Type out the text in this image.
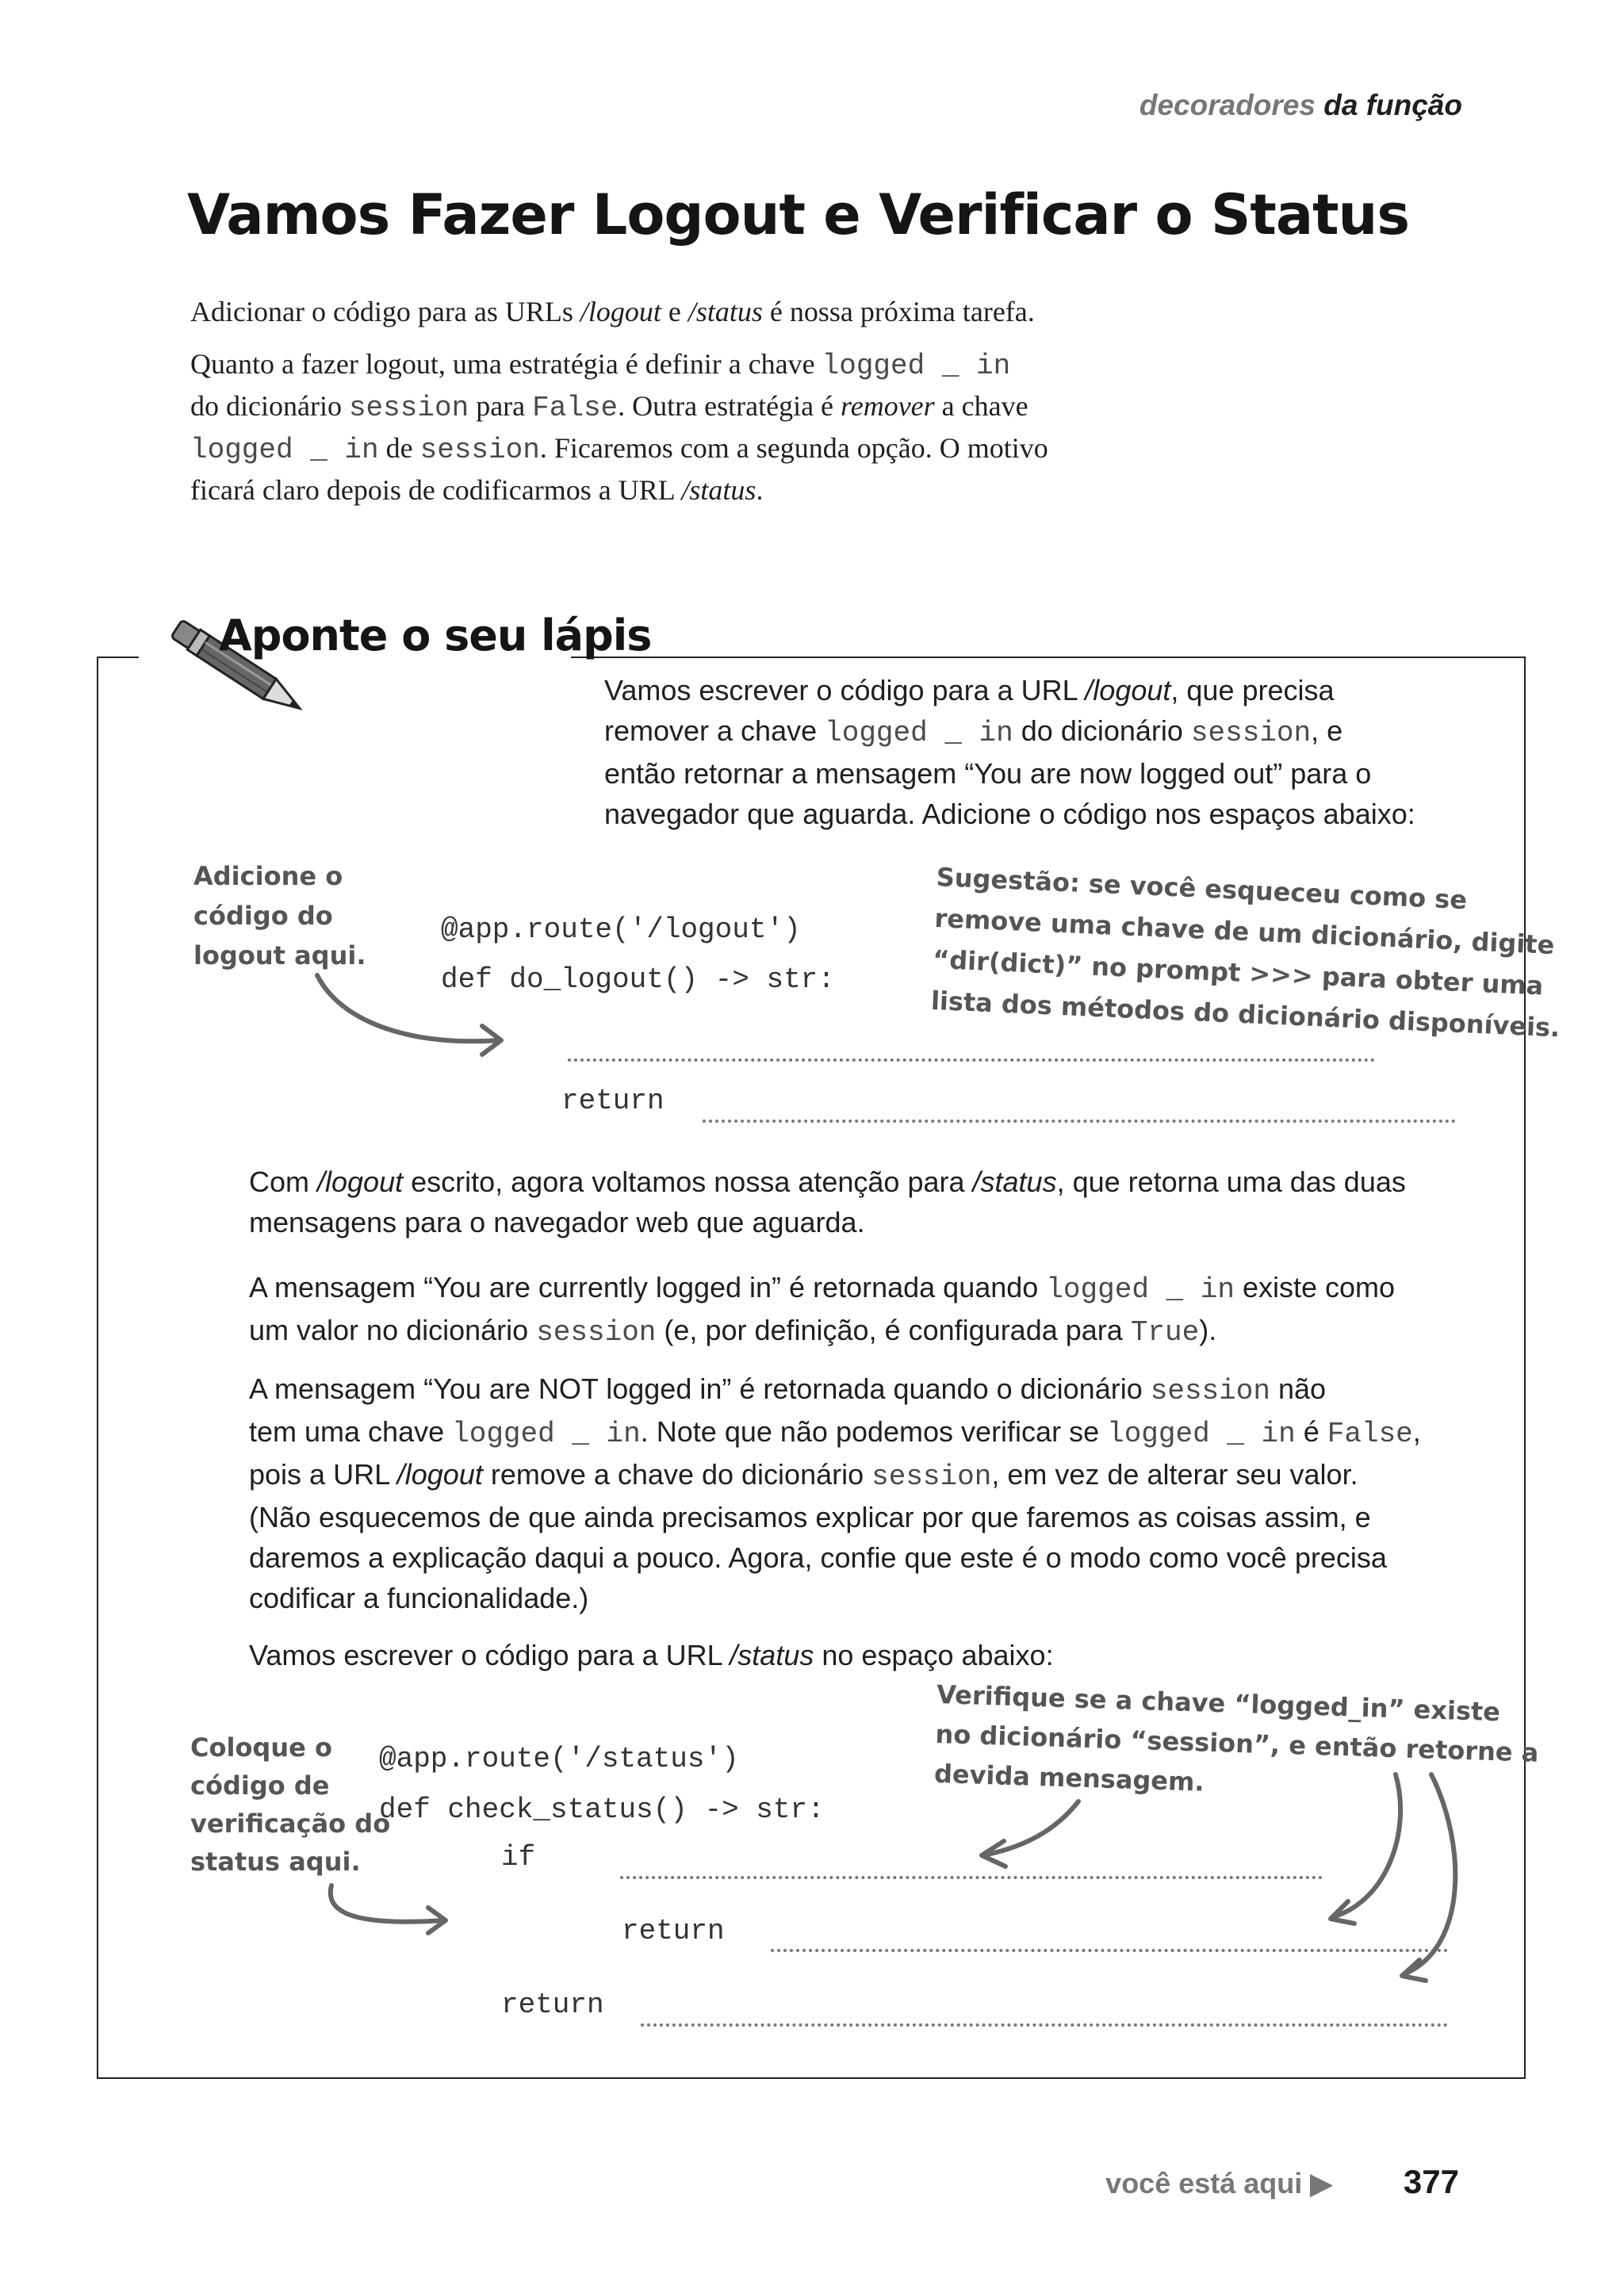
decoradores da função
Vamos Fazer Logout e Verificar o Status
Adicionar o código para as URLs /logout e /status é nossa próxima tarefa.
Quanto a fazer logout, uma estratégia é definir a chave logged _ in
do dicionário session para False. Outra estratégia é remover a chave
logged _ in de session. Ficaremos com a segunda opção. O motivo
ficará claro depois de codificarmos a URL /status.
Aponte o seu lápis
Vamos escrever o código para a URL /logout, que precisa
remover a chave logged _ in do dicionário session, e
então retornar a mensagem “You are now logged out” para o
navegador que aguarda. Adicione o código nos espaços abaixo:
Adicione o
código do
logout aqui.
Sugestão: se você esqueceu como se
remove uma chave de um dicionário, digite
“dir(dict)” no prompt >>> para obter uma
lista dos métodos do dicionário disponíveis.
@app.route('/logout')
def do_logout() -> str:
return
Com /logout escrito, agora voltamos nossa atenção para /status, que retorna uma das duas
mensagens para o navegador web que aguarda.
A mensagem “You are currently logged in” é retornada quando logged _ in existe como
um valor no dicionário session (e, por definição, é configurada para True).
A mensagem “You are NOT logged in” é retornada quando o dicionário session não
tem uma chave logged _ in. Note que não podemos verificar se logged _ in é False,
pois a URL /logout remove a chave do dicionário session, em vez de alterar seu valor.
(Não esquecemos de que ainda precisamos explicar por que faremos as coisas assim, e
daremos a explicação daqui a pouco. Agora, confie que este é o modo como você precisa
codificar a funcionalidade.)
Vamos escrever o código para a URL /status no espaço abaixo:
Verifique se a chave “logged_in” existe
no dicionário “session”, e então retorne a
devida mensagem.
Coloque o
código de
verificação do
status aqui.
@app.route('/status')
def check_status() -> str:
if
return
return
você está aqui ▶ 377
